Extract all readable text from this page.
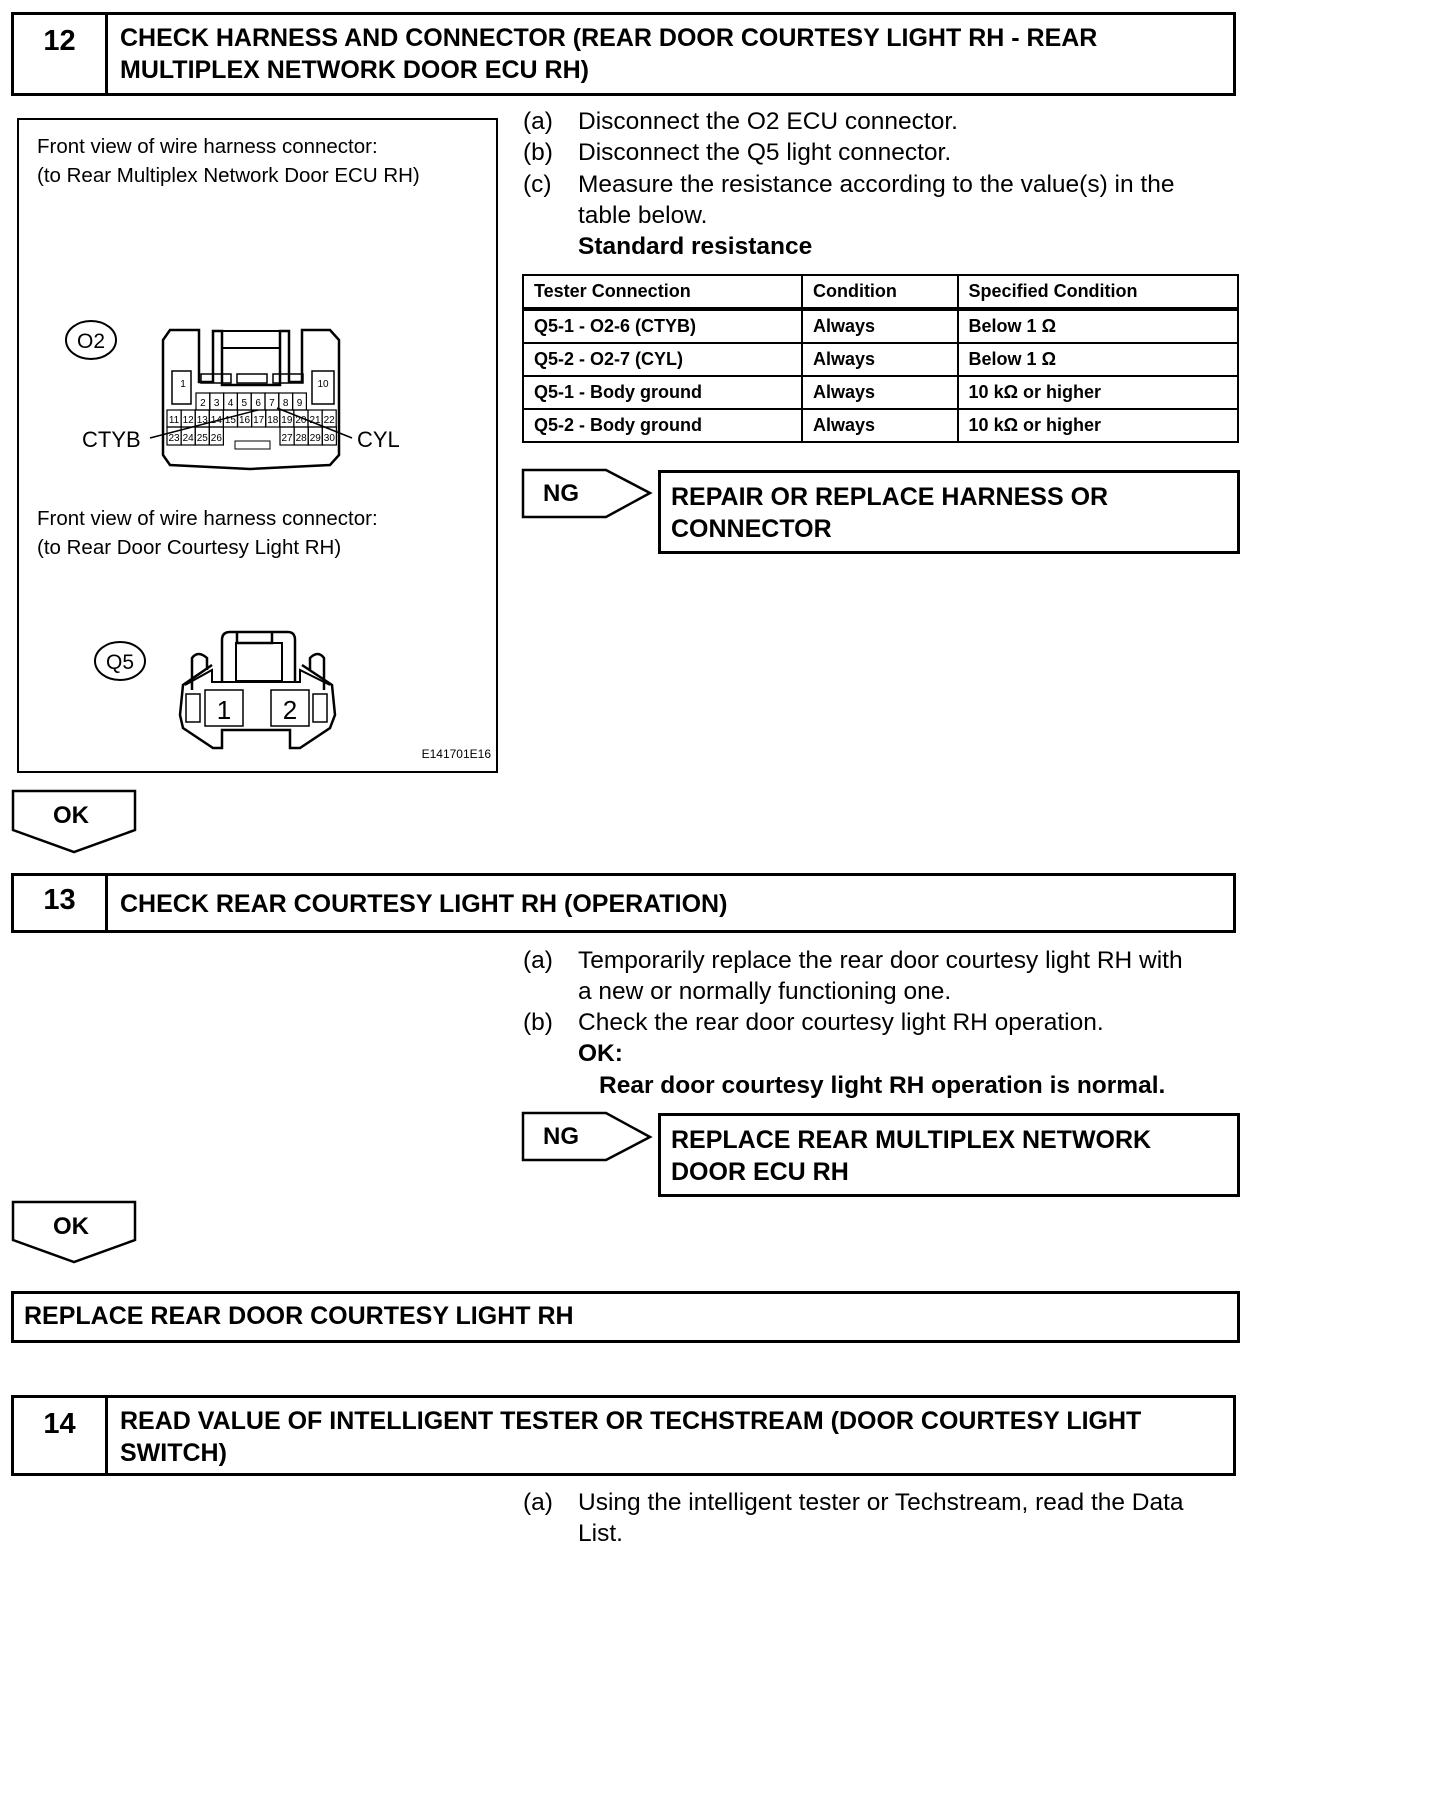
12	CHECK HARNESS AND CONNECTOR (REAR DOOR COURTESY LIGHT RH - REAR MULTIPLEX NETWORK DOOR ECU RH)
Front view of wire harness connector:
(to Rear Multiplex Network Door ECU RH)
Front view of wire harness connector:
(to Rear Door Courtesy Light RH)
E141701E16
O2
2 3 4 5 6 7 8 9
11 12 13 14 15 16 17 18 19 20 21 22
23 24 25 26	27 28 29 30
1	10
CTYB	CYL
Q5
1 2
(a) Disconnect the O2 ECU connector.
(b) Disconnect the Q5 light connector.
(c) Measure the resistance according to the value(s) in the
table below.
Standard resistance
Tester Connection	Condition	Specified Condition
Q5-1 - O2-6 (CTYB)	Always	Below 1 Ω
Q5-2 - O2-7 (CYL)	Always	Below 1 Ω
Q5-1 - Body ground	Always	10 kΩ or higher
Q5-2 - Body ground	Always	10 kΩ or higher
NG	REPAIR OR REPLACE HARNESS OR
CONNECTOR
OK
13	CHECK REAR COURTESY LIGHT RH (OPERATION)
(a) Temporarily replace the rear door courtesy light RH with
a new or normally functioning one.
(b) Check the rear door courtesy light RH operation.
OK:
Rear door courtesy light RH operation is normal.
NG	REPLACE REAR MULTIPLEX NETWORK
DOOR ECU RH
OK
REPLACE REAR DOOR COURTESY LIGHT RH
14	READ VALUE OF INTELLIGENT TESTER OR TECHSTREAM (DOOR COURTESY LIGHT SWITCH)
(a) Using the intelligent tester or Techstream, read the Data
List.
